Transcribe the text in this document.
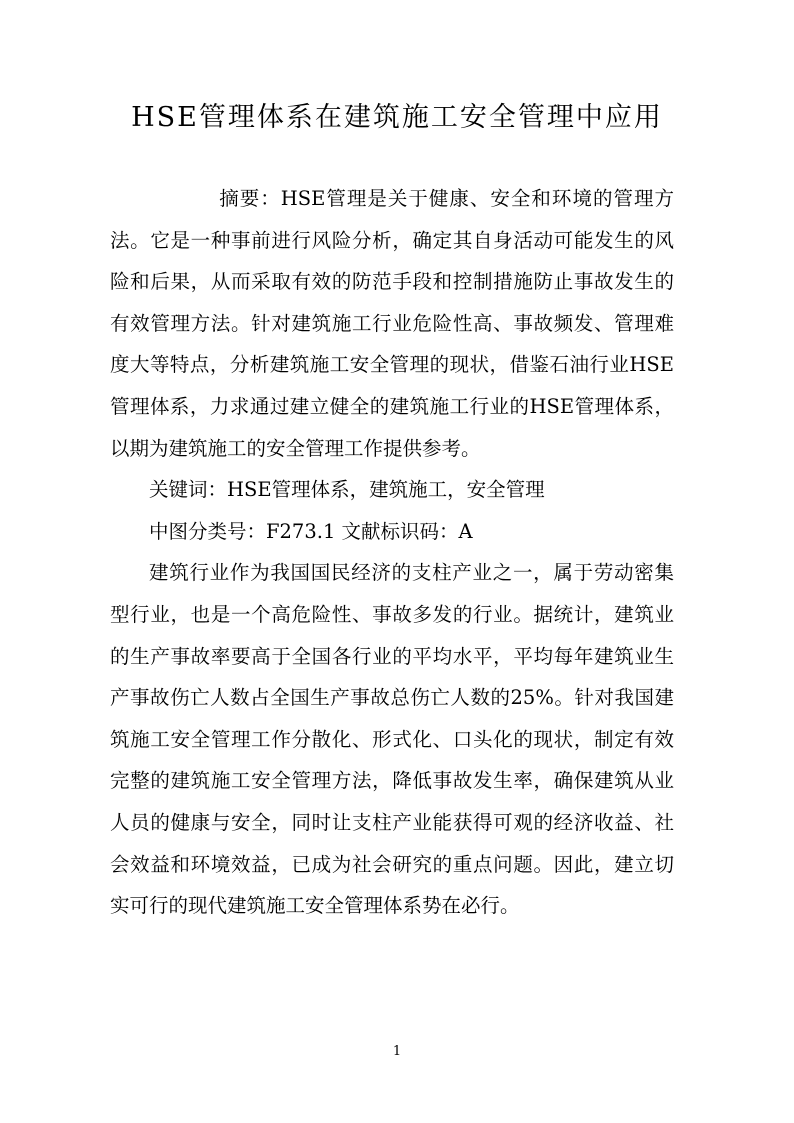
HSE管理体系在建筑施工安全管理中应用

摘要：HSE管理是关于健康、安全和环境的管理方法。它是一种事前进行风险分析，确定其自身活动可能发生的风险和后果，从而采取有效的防范手段和控制措施防止事故发生的有效管理方法。针对建筑施工行业危险性高、事故频发、管理难度大等特点，分析建筑施工安全管理的现状，借鉴石油行业HSE管理体系，力求通过建立健全的建筑施工行业的HSE管理体系，以期为建筑施工的安全管理工作提供参考。

关键词：HSE管理体系，建筑施工，安全管理

中图分类号：F273.1 文献标识码：A

建筑行业作为我国国民经济的支柱产业之一，属于劳动密集型行业，也是一个高危险性、事故多发的行业。据统计，建筑业的生产事故率要高于全国各行业的平均水平，平均每年建筑业生产事故伤亡人数占全国生产事故总伤亡人数的25%。针对我国建筑施工安全管理工作分散化、形式化、口头化的现状，制定有效完整的建筑施工安全管理方法，降低事故发生率，确保建筑从业人员的健康与安全，同时让支柱产业能获得可观的经济收益、社会效益和环境效益，已成为社会研究的重点问题。因此，建立切实可行的现代建筑施工安全管理体系势在必行。

1
